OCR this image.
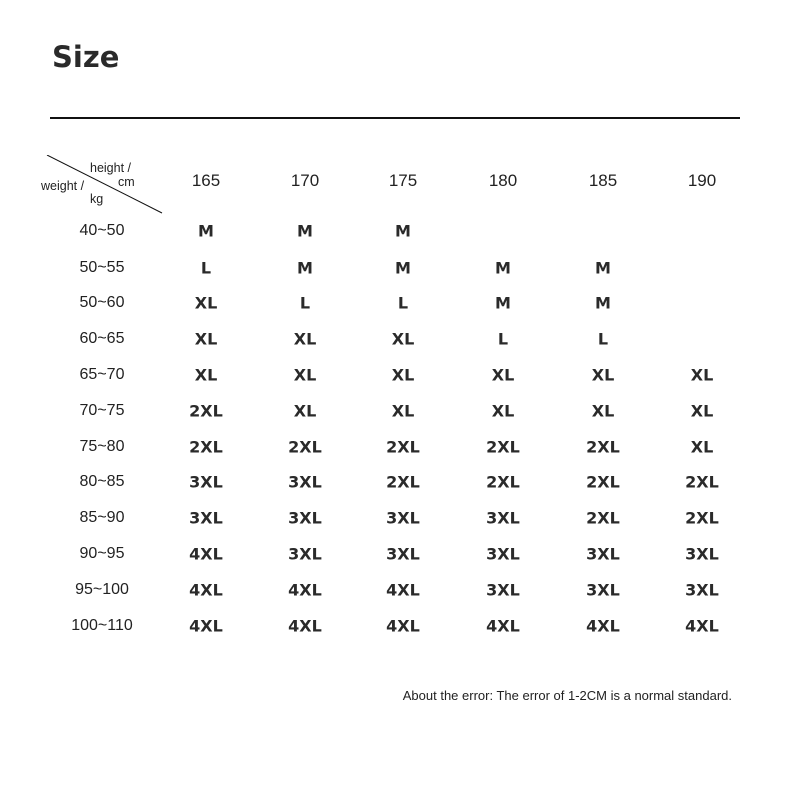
Size
height /
cm
weight /
kg
165	170	175	180	185	190
40~50	M	M	M
50~55	L	M	M	M	M
50~60	XL	L	L	M	M
60~65	XL	XL	XL	L	L
65~70	XL	XL	XL	XL	XL	XL
70~75	2XL	XL	XL	XL	XL	XL
75~80	2XL	2XL	2XL	2XL	2XL	XL
80~85	3XL	3XL	2XL	2XL	2XL	2XL
85~90	3XL	3XL	3XL	3XL	2XL	2XL
90~95	4XL	3XL	3XL	3XL	3XL	3XL
95~100	4XL	4XL	4XL	3XL	3XL	3XL
100~110	4XL	4XL	4XL	4XL	4XL	4XL
About the error: The error of 1-2CM is a normal standard.
